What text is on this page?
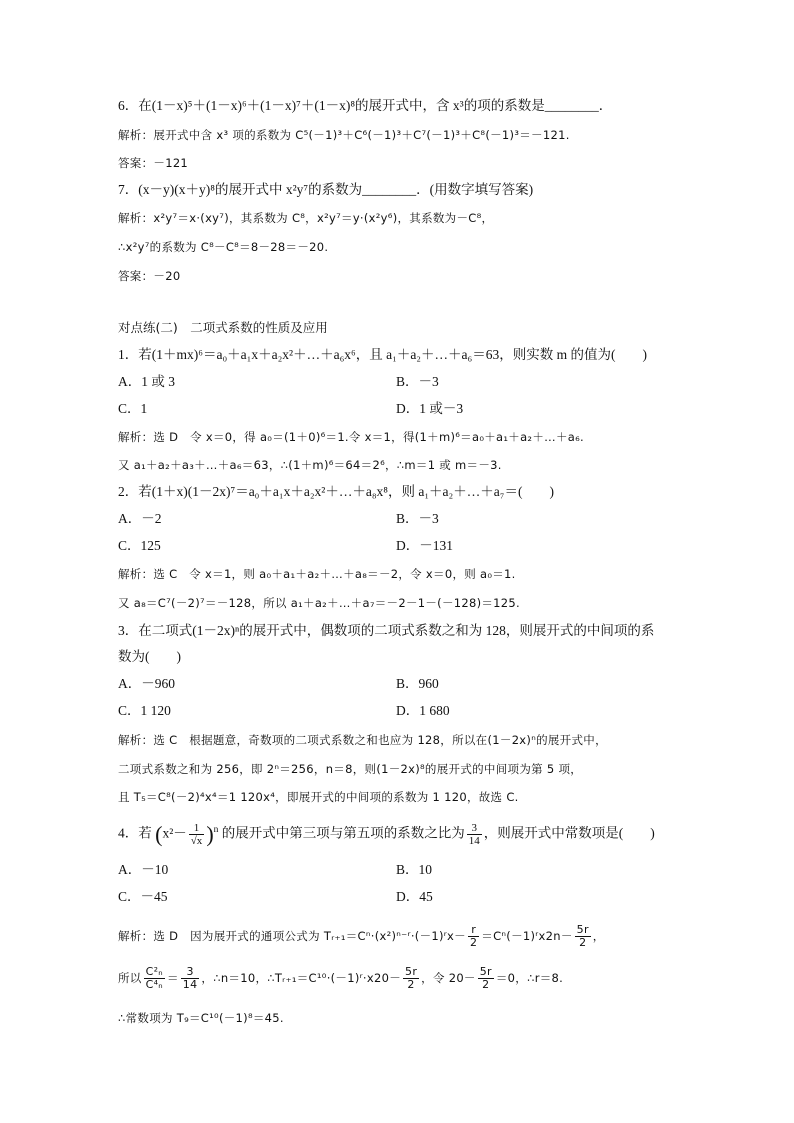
6．在(1－x)⁵＋(1－x)⁶＋(1－x)⁷＋(1－x)⁸的展开式中，含 x³的项的系数是________．
解析：展开式中含 x³ 项的系数为 C⁵(－1)³＋C⁶(－1)³＋C⁷(－1)³＋C⁸(－1)³＝－121.
答案：－121
7．(x－y)(x＋y)⁸的展开式中 x²y⁷的系数为________．(用数字填写答案)
解析：x²y⁷＝x·(xy⁷)，其系数为 C⁸，x²y⁷＝y·(x²y⁶)，其系数为－C⁸，
∴x²y⁷的系数为 C⁸－C⁸＝8－28＝－20.
答案：－20
对点练(二)　二项式系数的性质及应用
1．若(1＋mx)⁶＝a₀＋a₁x＋a₂x²＋…＋a₆x⁶，且 a₁＋a₂＋…＋a₆＝63，则实数 m 的值为(　　)
A．1 或 3	B．－3
C．1	D．1 或－3
解析：选 D　令 x＝0，得 a₀＝(1＋0)⁶＝1.令 x＝1，得(1＋m)⁶＝a₀＋a₁＋a₂＋…＋a₆.
又 a₁＋a₂＋a₃＋…＋a₆＝63，∴(1＋m)⁶＝64＝2⁶，∴m＝1 或 m＝－3.
2．若(1＋x)(1－2x)⁷＝a₀＋a₁x＋a₂x²＋…＋a₈x⁸，则 a₁＋a₂＋…＋a₇＝(　　)
A．－2	B．－3
C．125	D．－131
解析：选 C　令 x＝1，则 a₀＋a₁＋a₂＋…＋a₈＝－2，令 x＝0，则 a₀＝1.
又 a₈＝C⁷(－2)⁷＝－128，所以 a₁＋a₂＋…＋a₇＝－2－1－(－128)＝125.
3．在二项式(1－2x)ⁿ的展开式中，偶数项的二项式系数之和为 128，则展开式的中间项的系
数为(　　)
A．－960	B．960
C．1 120	D．1 680
解析：选 C　根据题意，奇数项的二项式系数之和也应为 128，所以在(1－2x)ⁿ的展开式中，
二项式系数之和为 256，即 2ⁿ＝256，n＝8，则(1－2x)⁸的展开式的中间项为第 5 项，
且 T₅＝C⁸(－2)⁴x⁴＝1 120x⁴，即展开式的中间项的系数为 1 120，故选 C.
4．若 $(x^2- \frac{1}{√x} )^n$ 的展开式中第三项与第五项的系数之比为 $\frac{3}{14}$ ，则展开式中常数项是(　　)
A．－10	B．10
C．－45	D．45
解析：选 D　因为展开式的通项公式为 Tᵣ₊₁＝Cⁿ·(x²)ⁿ⁻ʳ·(－1)ʳx－ $\frac{r}{2}$ ＝Cⁿ(－1)ʳx2n－ $\frac{5r}{2}$ ，
所以 $\frac{\text{C²ₙ}}{\text{C⁴ₙ}} = \frac{3}{14}$ ，∴n＝10，∴Tᵣ₊₁＝C¹⁰·(－1)ʳ·x20－ $\frac{5r}{2}$ ，令 $20- \frac{5r}{2} =0$，∴r＝8.
∴常数项为 T₉＝C¹⁰(－1)⁸＝45.
